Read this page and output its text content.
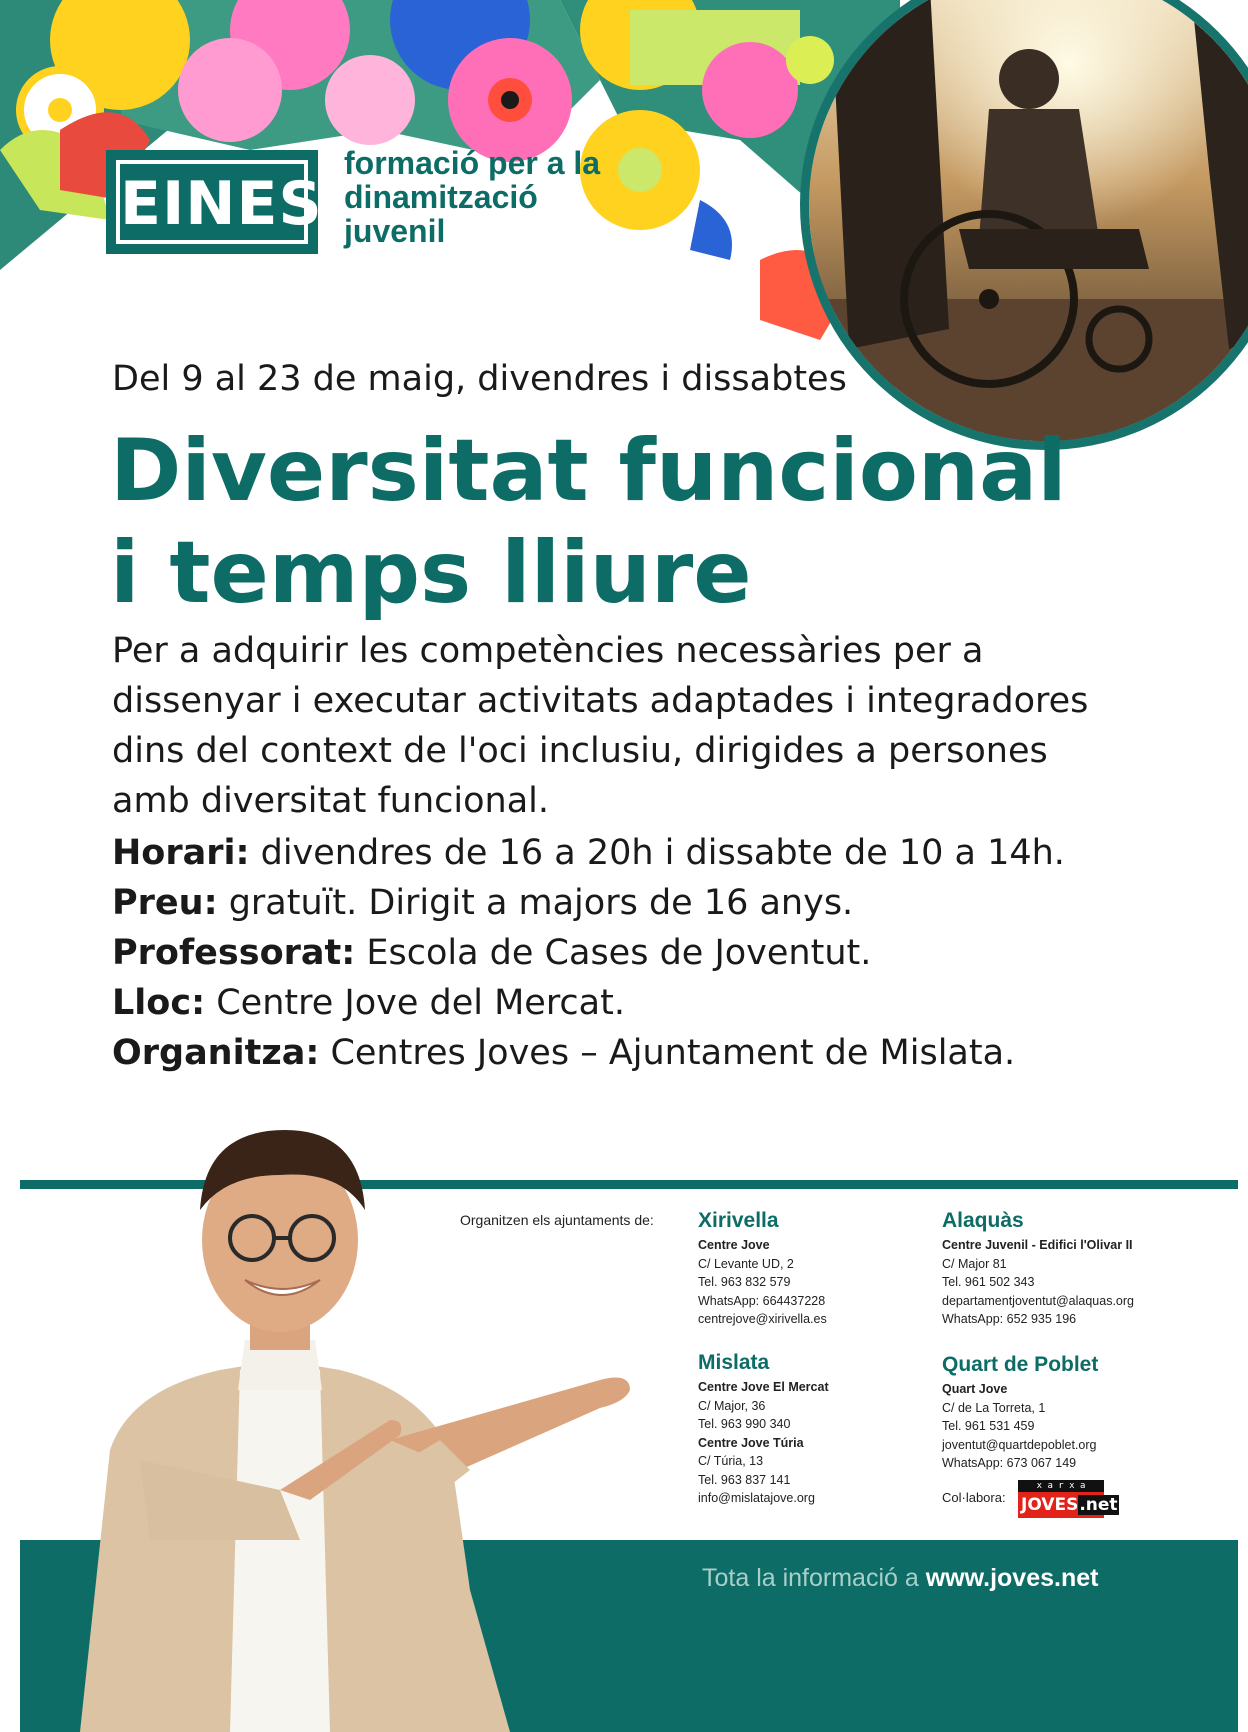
EINES
formació per a la dinamització juvenil
Del 9 al 23 de maig, divendres i dissabtes
Diversitat funcional i temps lliure

Per a adquirir les competències necessàries per a dissenyar i executar activitats adaptades i integradores dins del context de l'oci inclusiu, dirigides a persones amb diversitat funcional.

Horari: divendres de 16 a 20h i dissabte de 10 a 14h.
Preu: gratuït. Dirigit a majors de 16 anys.
Professorat: Escola de Cases de Joventut.
Lloc: Centre Jove del Mercat.
Organitza: Centres Joves – Ajuntament de Mislata.
Tota la informació a www.joves.net
Organitzen els ajuntaments de: Xirivella
Centre Jove
C/ Levante UD, 2
Tel. 963 832 579
WhatsApp: 664437228
centrejove@xirivella.es
Mislata
Centre Jove El Mercat
C/ Major, 36
Tel. 963 990 340
Centre Jove Túria
C/ Túria, 13
Tel. 963 837 141
info@mislatajove.org
Alaquàs
Centre Juvenil - Edifici l'Olivar II
C/ Major 81
Tel. 961 502 343
departamentjoventut@alaquas.org
WhatsApp: 652 935 196
Quart de Poblet
Quart Jove
C/ de La Torreta, 1
Tel. 961 531 459
joventut@quartdepoblet.org
WhatsApp: 673 067 149
Col·labora:
x a r x a
JOVES.net
